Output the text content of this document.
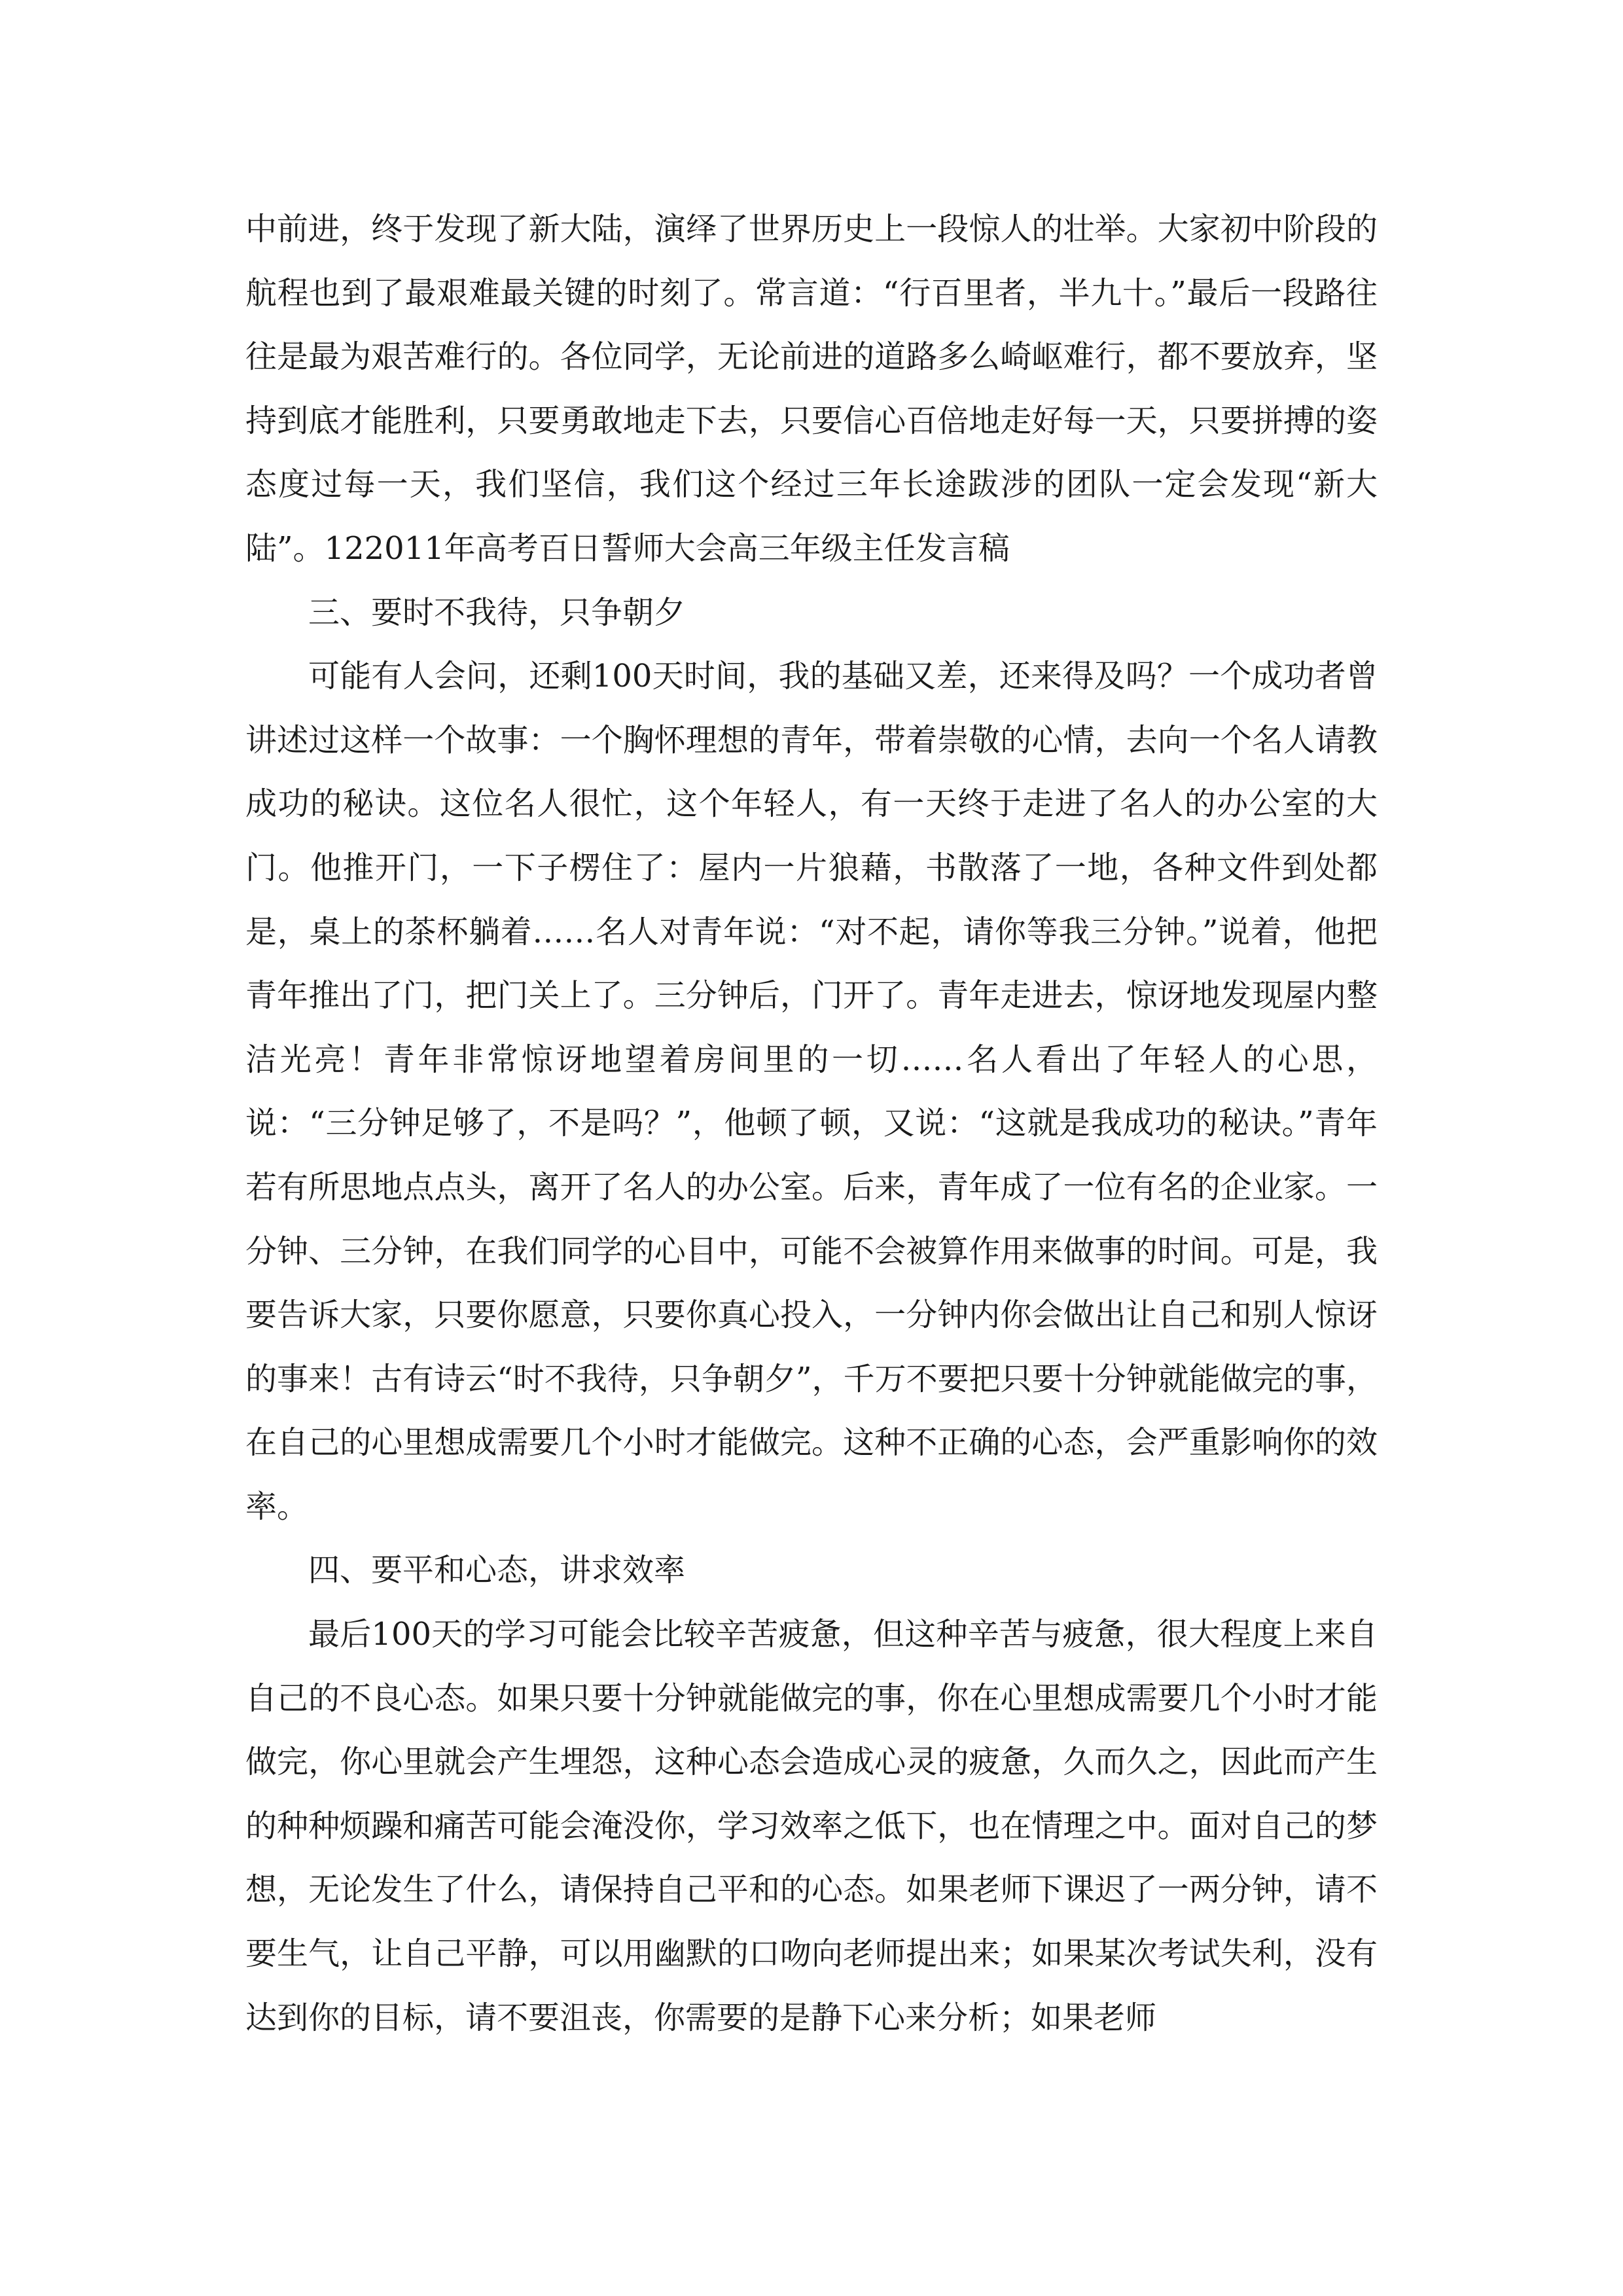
中前进，终于发现了新大陆，演绎了世界历史上一段惊人的壮举。大家初中阶段的航程也到了最艰难最关键的时刻了。常言道：“行百里者，半九十。”最后一段路往往是最为艰苦难行的。各位同学，无论前进的道路多么崎岖难行，都不要放弃，坚持到底才能胜利，只要勇敢地走下去，只要信心百倍地走好每一天，只要拼搏的姿态度过每一天，我们坚信，我们这个经过三年长途跋涉的团队一定会发现“新大陆”。122011年高考百日誓师大会高三年级主任发言稿

三、要时不我待，只争朝夕

可能有人会问，还剩100天时间，我的基础又差，还来得及吗？一个成功者曾讲述过这样一个故事：一个胸怀理想的青年，带着崇敬的心情，去向一个名人请教成功的秘诀。这位名人很忙，这个年轻人，有一天终于走进了名人的办公室的大门。他推开门，一下子楞住了：屋内一片狼藉，书散落了一地，各种文件到处都是，桌上的茶杯躺着……名人对青年说：“对不起，请你等我三分钟。”说着，他把青年推出了门，把门关上了。三分钟后，门开了。青年走进去，惊讶地发现屋内整洁光亮！青年非常惊讶地望着房间里的一切……名人看出了年轻人的心思，说：“三分钟足够了，不是吗？”，他顿了顿，又说：“这就是我成功的秘诀。”青年若有所思地点点头，离开了名人的办公室。后来，青年成了一位有名的企业家。一分钟、三分钟，在我们同学的心目中，可能不会被算作用来做事的时间。可是，我要告诉大家，只要你愿意，只要你真心投入，一分钟内你会做出让自己和别人惊讶的事来！古有诗云“时不我待，只争朝夕”，千万不要把只要十分钟就能做完的事，在自己的心里想成需要几个小时才能做完。这种不正确的心态，会严重影响你的效率。

四、要平和心态，讲求效率

最后100天的学习可能会比较辛苦疲惫，但这种辛苦与疲惫，很大程度上来自自己的不良心态。如果只要十分钟就能做完的事，你在心里想成需要几个小时才能做完，你心里就会产生埋怨，这种心态会造成心灵的疲惫，久而久之，因此而产生的种种烦躁和痛苦可能会淹没你，学习效率之低下，也在情理之中。面对自己的梦想，无论发生了什么，请保持自己平和的心态。如果老师下课迟了一两分钟，请不要生气，让自己平静，可以用幽默的口吻向老师提出来；如果某次考试失利，没有达到你的目标，请不要沮丧，你需要的是静下心来分析；如果老师
